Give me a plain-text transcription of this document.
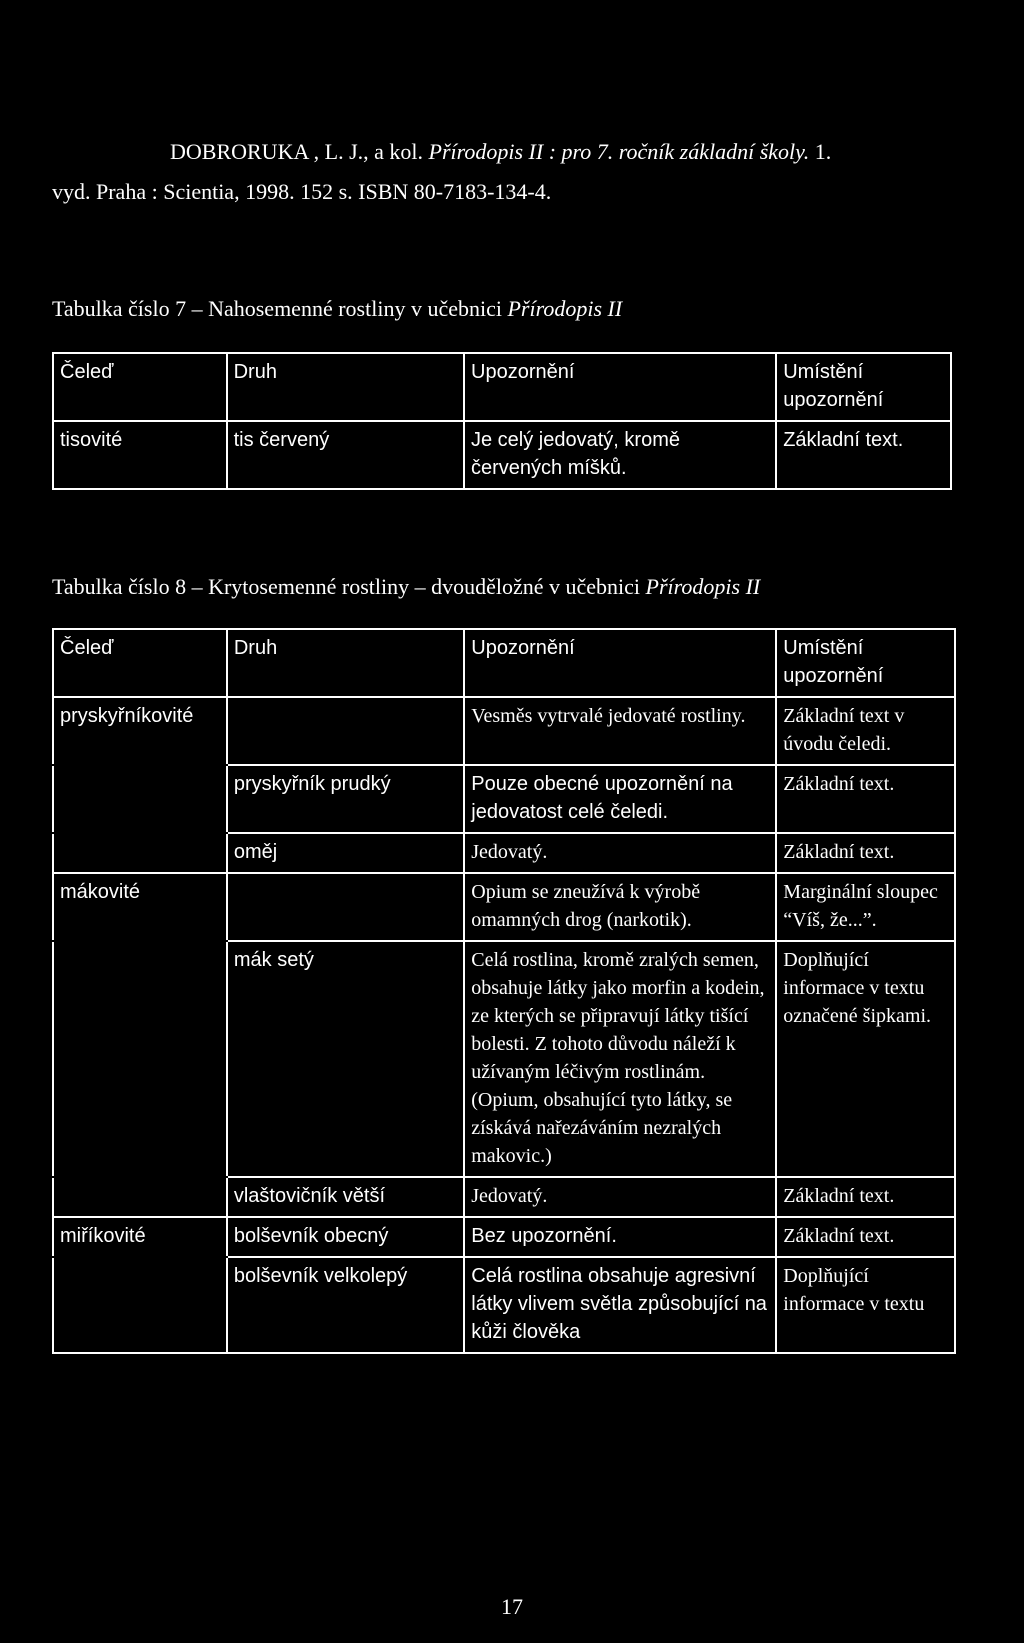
DOBRORUKA , L. J., a kol. Přírodopis II : pro 7. ročník základní školy. 1.
vyd. Praha : Scientia, 1998. 152 s. ISBN 80-7183-134-4.
Tabulka číslo 7 – Nahosemenné rostliny v učebnici Přírodopis II
Čeleď	Druh	Upozornění	Umístění upozornění
tisovité	tis červený	Je celý jedovatý, kromě červených míšků.	Základní text.
Tabulka číslo 8 – Krytosemenné rostliny – dvouděložné v učebnici Přírodopis II
Čeleď	Druh	Upozornění	Umístění upozornění
pryskyřníkovité		Vesměs vytrvalé jedovaté rostliny.	Základní text v úvodu čeledi.
	pryskyřník prudký	Pouze obecné upozornění na jedovatost celé čeledi.	Základní text.
	oměj	Jedovatý.	Základní text.
mákovité		Opium se zneužívá k výrobě omamných drog (narkotik).	Marginální sloupec “Víš, že...”.
	mák setý	Celá rostlina, kromě zralých semen, obsahuje látky jako morfin a kodein, ze kterých se připravují látky tišící bolesti. Z tohoto důvodu náleží k užívaným léčivým rostlinám. (Opium, obsahující tyto látky, se získává nařezáváním nezralých makovic.)	Doplňující informace v textu označené šipkami.
	vlaštovičník větší	Jedovatý.	Základní text.
miříkovité	bolševník obecný	Bez upozornění.	Základní text.
	bolševník velkolepý	Celá rostlina obsahuje agresivní látky vlivem světla způsobující na kůži člověka	Doplňující informace v textu
17
